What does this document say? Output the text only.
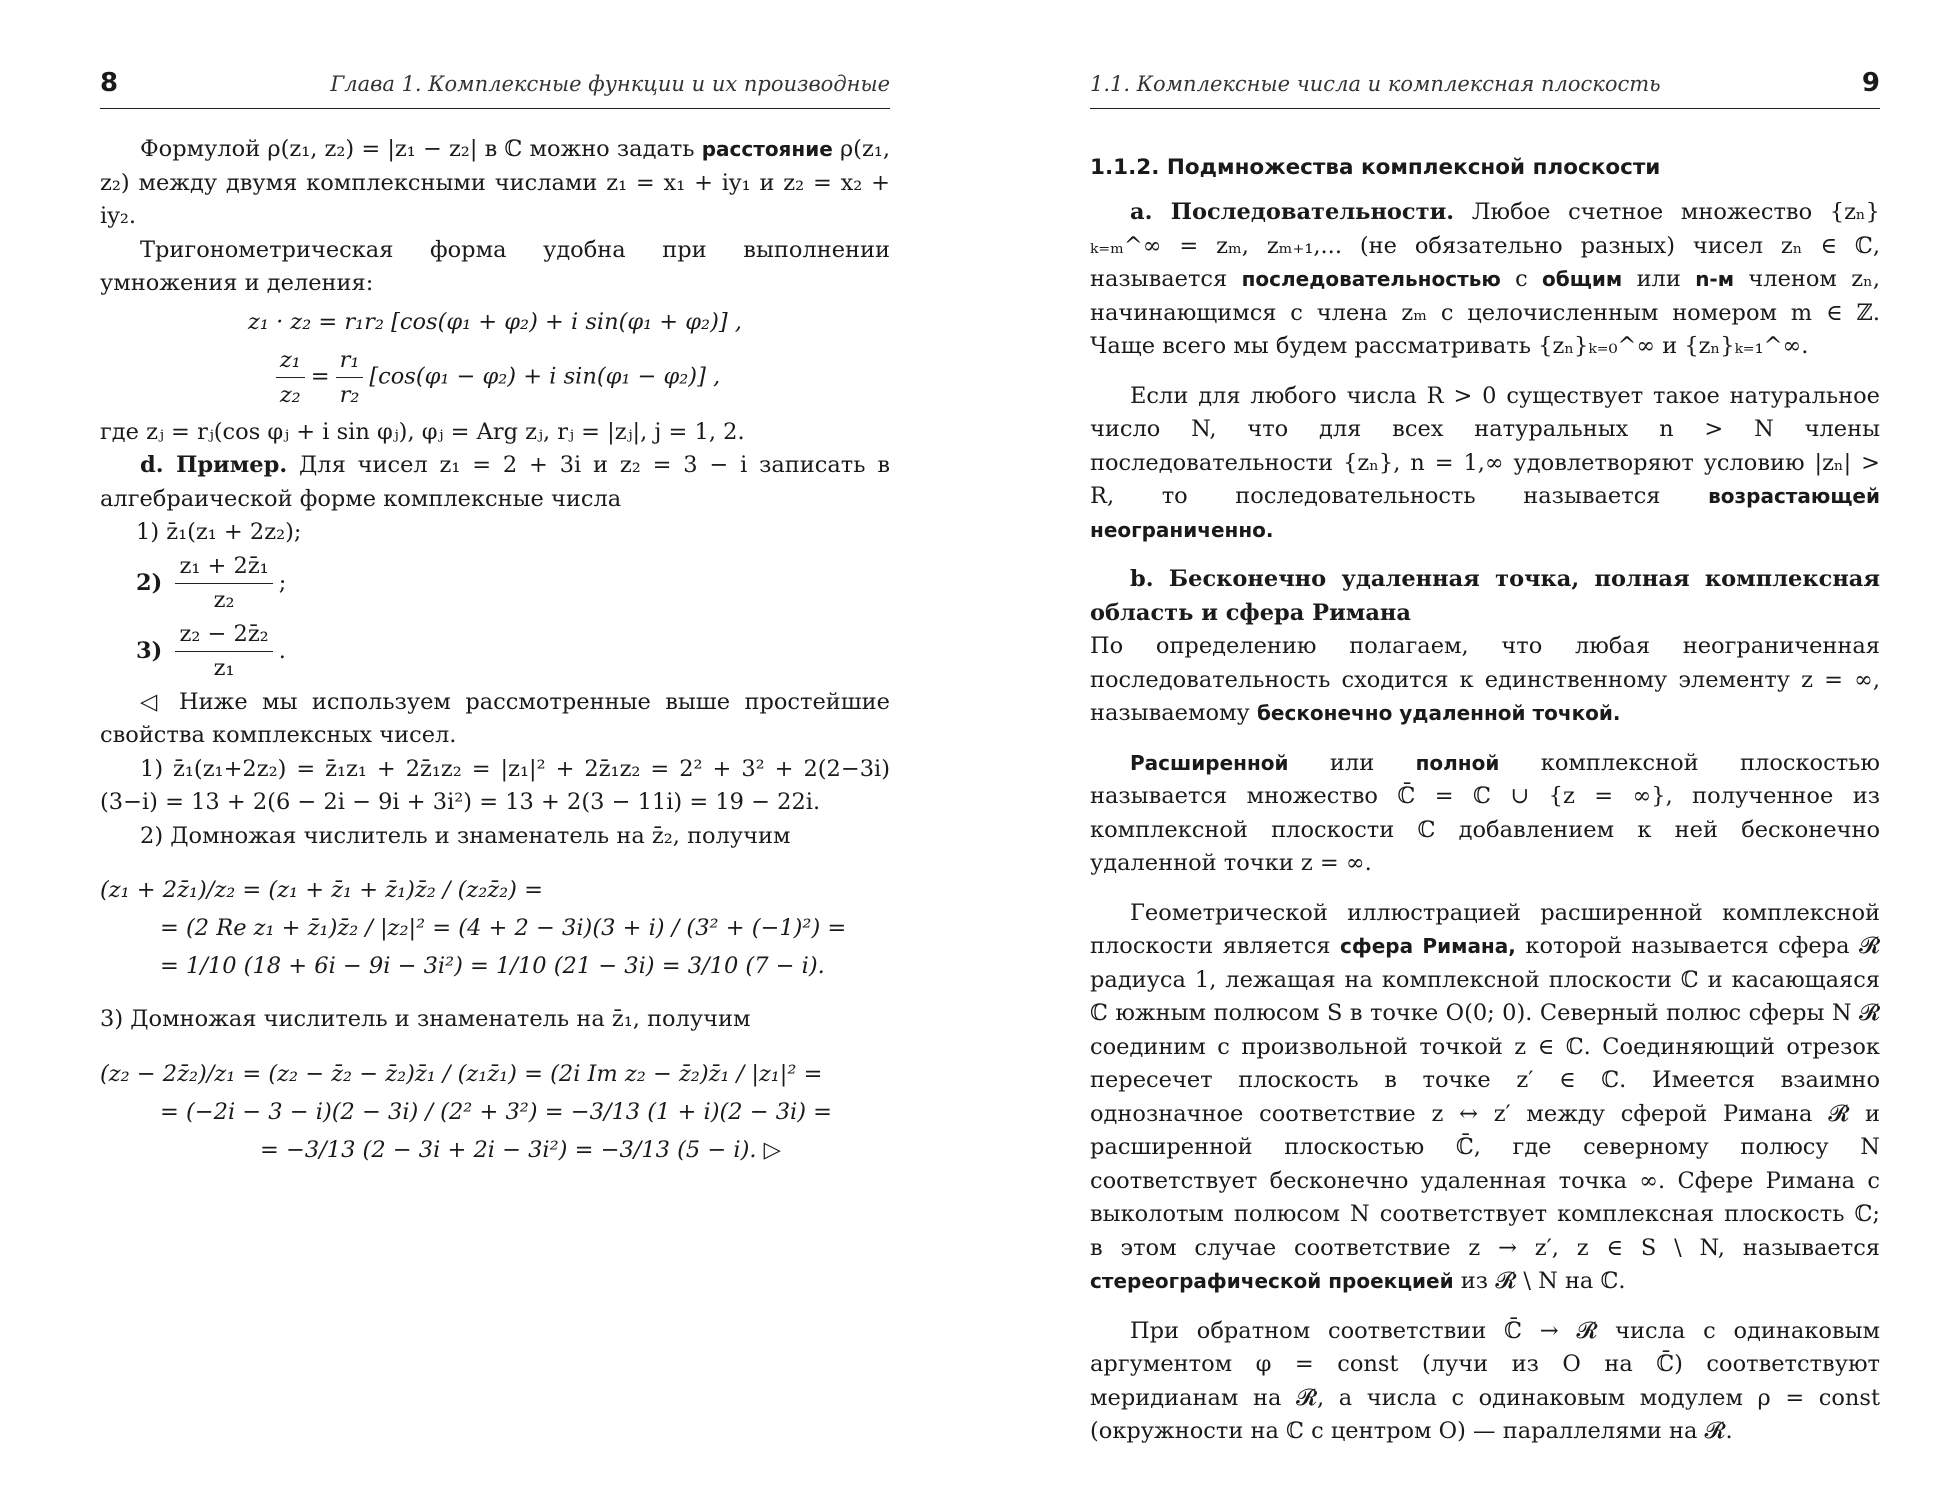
8	Глава 1. Комплексные функции и их производные

Формулой ρ(z₁, z₂) = |z₁ − z₂| в ℂ можно задать расстояние ρ(z₁, z₂) между двумя комплексными числами z₁ = x₁ + iy₁ и z₂ = x₂ + iy₂.

Тригонометрическая форма удобна при выполнении умножения и деления:

z₁ · z₂ = r₁r₂ [cos(φ₁ + φ₂) + i sin(φ₁ + φ₂)] ,
$\frac{\text{z₁}}{\text{z₂}} = \frac{\text{r₁}}{\text{r₂}} [\cos(\varphi_1 - \varphi_2) + i$ sin(φ₁ − φ₂)] ,

где zⱼ = rⱼ(cos φⱼ + i sin φⱼ), φⱼ = Arg zⱼ, rⱼ = |zⱼ|, j = 1, 2.

d. Пример. Для чисел z₁ = 2 + 3i и z₂ = 3 − i записать в алгебраической форме комплексные числа

1) z̄₁(z₁ + 2z₂);

$2) \frac{\text{z₁ + 2z̄₁}}{\text{z₂}}$ ;

$3) \frac{\text{z₂ − 2z̄₂}}{\text{z₁}}$ .

◁ Ниже мы используем рассмотренные выше простейшие свойства комплексных чисел.

1) z̄₁(z₁+2z₂) = z̄₁z₁ + 2z̄₁z₂ = |z₁|² + 2z̄₁z₂ = 2² + 3² + 2(2−3i)(3−i) = 13 + 2(6 − 2i − 9i + 3i²) = 13 + 2(3 − 11i) = 19 − 22i.

2) Домножая числитель и знаменатель на z̄₂, получим

(z₁ + 2z̄₁)/z₂ = (z₁ + z̄₁ + z̄₁)z̄₂ / (z₂z̄₂) =
= (2 Re z₁ + z̄₁)z̄₂ / |z₂|² = (4 + 2 − 3i)(3 + i) / (3² + (−1)²) =
= 1/10 (18 + 6i − 9i − 3i²) = 1/10 (21 − 3i) = 3/10 (7 − i).

3) Домножая числитель и знаменатель на z̄₁, получим

(z₂ − 2z̄₂)/z₁ = (z₂ − z̄₂ − z̄₂)z̄₁ / (z₁z̄₁) = (2i Im z₂ − z̄₂)z̄₁ / |z₁|² =
= (−2i − 3 − i)(2 − 3i) / (2² + 3²) = −3/13 (1 + i)(2 − 3i) =
= −3/13 (2 − 3i + 2i − 3i²) = −3/13 (5 − i). ▷
1.1. Комплексные числа и комплексная плоскость	9
1.1.2. Подмножества комплексной плоскости

a. Последовательности. Любое счетное множество {zₙ}ₖ₌ₘ^∞ = zₘ, zₘ₊₁,... (не обязательно разных) чисел zₙ ∈ ℂ, называется последовательностью с общим или n-м членом zₙ, начинающимся с члена zₘ с целочисленным номером m ∈ ℤ. Чаще всего мы будем рассматривать {zₙ}ₖ₌₀^∞ и {zₙ}ₖ₌₁^∞.

Если для любого числа R > 0 существует такое натуральное число N, что для всех натуральных n > N члены последовательности {zₙ}, n = 1,∞ удовлетворяют условию |zₙ| > R, то последовательность называется возрастающей неограниченно.

b. Бесконечно удаленная точка, полная комплексная область и сфера Римана

По определению полагаем, что любая неограниченная последовательность сходится к единственному элементу z = ∞, называемому бесконечно удаленной точкой.

Расширенной или полной комплексной плоскостью называется множество ℂ̄ = ℂ ∪ {z = ∞}, полученное из комплексной плоскости ℂ добавлением к ней бесконечно удаленной точки z = ∞.

Геометрической иллюстрацией расширенной комплексной плоскости является сфера Римана, которой называется сфера 𝓡 радиуса 1, лежащая на комплексной плоскости ℂ и касающаяся ℂ южным полюсом S в точке O(0; 0). Северный полюс сферы N 𝓡 соединим с произвольной точкой z ∈ ℂ. Соединяющий отрезок пересечет плоскость в точке z′ ∈ ℂ. Имеется взаимно однозначное соответствие z ↔ z′ между сферой Римана 𝓡 и расширенной плоскостью ℂ̄, где северному полюсу N соответствует бесконечно удаленная точка ∞. Сфере Римана с выколотым полюсом N соответствует комплексная плоскость ℂ; в этом случае соответствие z → z′, z ∈ S \ N, называется стереографической проекцией из 𝓡 \ N на ℂ.

При обратном соответствии ℂ̄ → 𝓡 числа с одинаковым аргументом φ = const (лучи из O на ℂ̄) соответствуют меридианам на 𝓡, а числа с одинаковым модулем ρ = const (окружности на ℂ с центром O) — параллелями на 𝓡.
